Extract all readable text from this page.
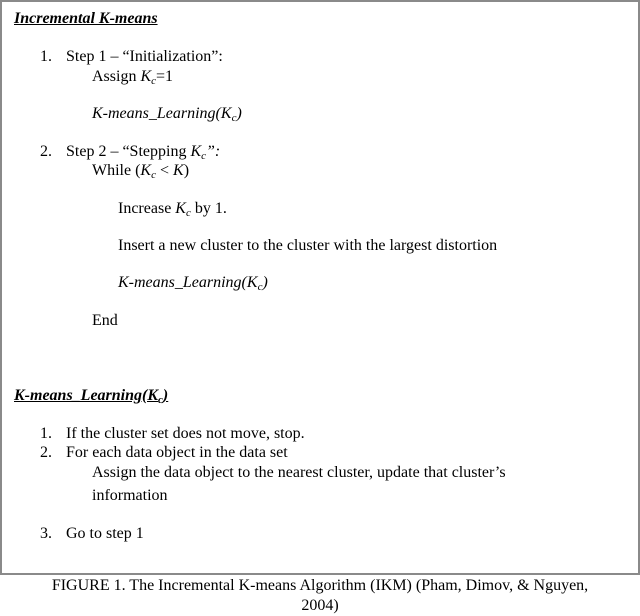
Incremental K-means
1. Step 1 – “Initialization”:
Assign $K_c=1$
$K-means\_Learning(K_c)$
2. Step 2 – “Stepping $K_c$”:
While $(K_c < K)$
Increase $K_c$ by 1.
Insert a new cluster to the cluster with the largest distortion
$K-means\_Learning(K_c)$
End
$K-means\_Learning(K_c)$
1. If the cluster set does not move, stop.
2. For each data object in the data set
Assign the data object to the nearest cluster, update that cluster’s
information
3. Go to step 1
FIGURE 1. The Incremental K-means Algorithm (IKM) (Pham, Dimov, & Nguyen,
2004)
